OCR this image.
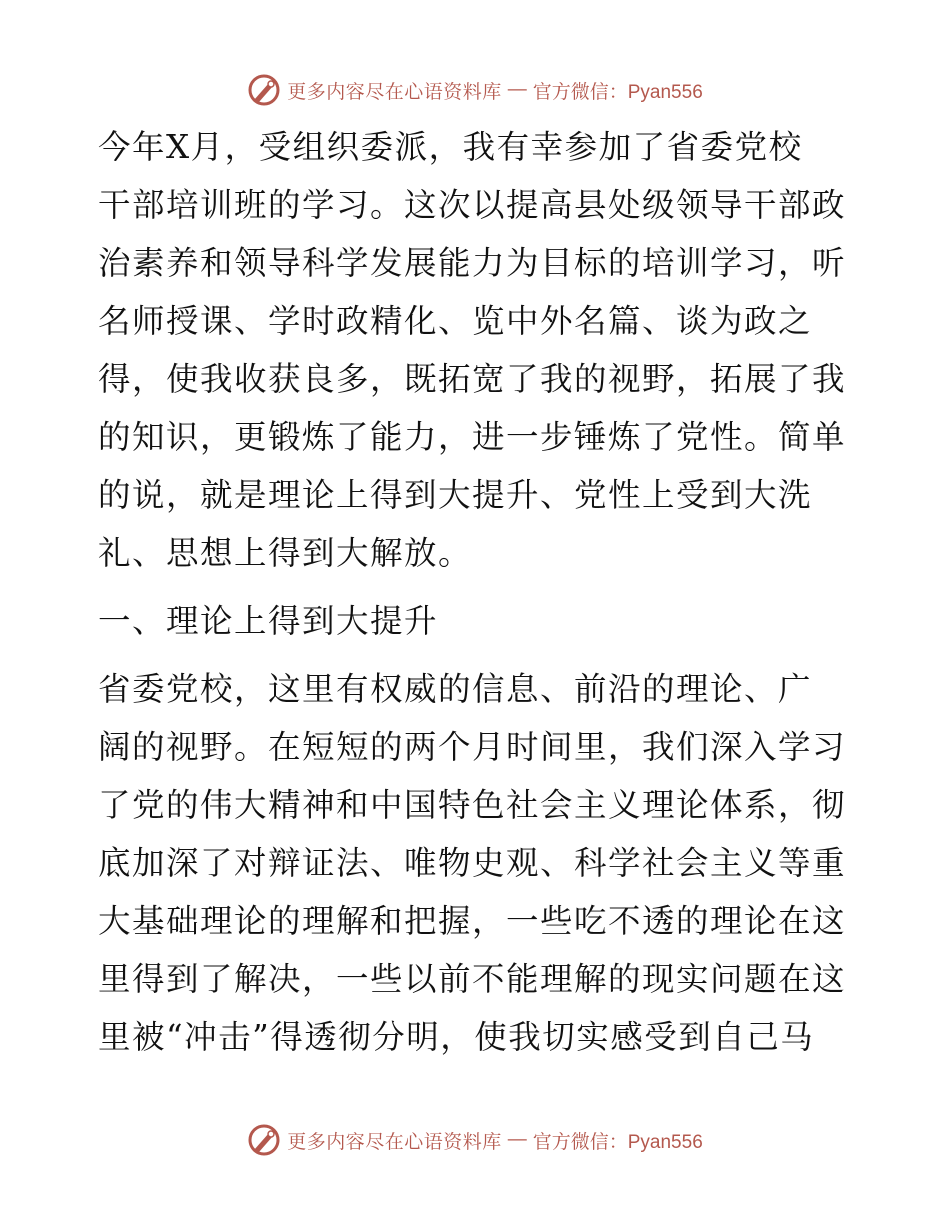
更多内容尽在心语资料库 — 官方微信：Pyan556
今年X月，受组织委派，我有幸参加了省委党校
干部培训班的学习。这次以提高县处级领导干部政
治素养和领导科学发展能力为目标的培训学习，听
名师授课、学时政精化、览中外名篇、谈为政之
得，使我收获良多，既拓宽了我的视野，拓展了我
的知识，更锻炼了能力，进一步锤炼了党性。简单
的说，就是理论上得到大提升、党性上受到大洗
礼、思想上得到大解放。
一、理论上得到大提升
省委党校，这里有权威的信息、前沿的理论、广
阔的视野。在短短的两个月时间里，我们深入学习
了党的伟大精神和中国特色社会主义理论体系，彻
底加深了对辩证法、唯物史观、科学社会主义等重
大基础理论的理解和把握，一些吃不透的理论在这
里得到了解决，一些以前不能理解的现实问题在这
里被“冲击”得透彻分明，使我切实感受到自己马
更多内容尽在心语资料库 — 官方微信：Pyan556
